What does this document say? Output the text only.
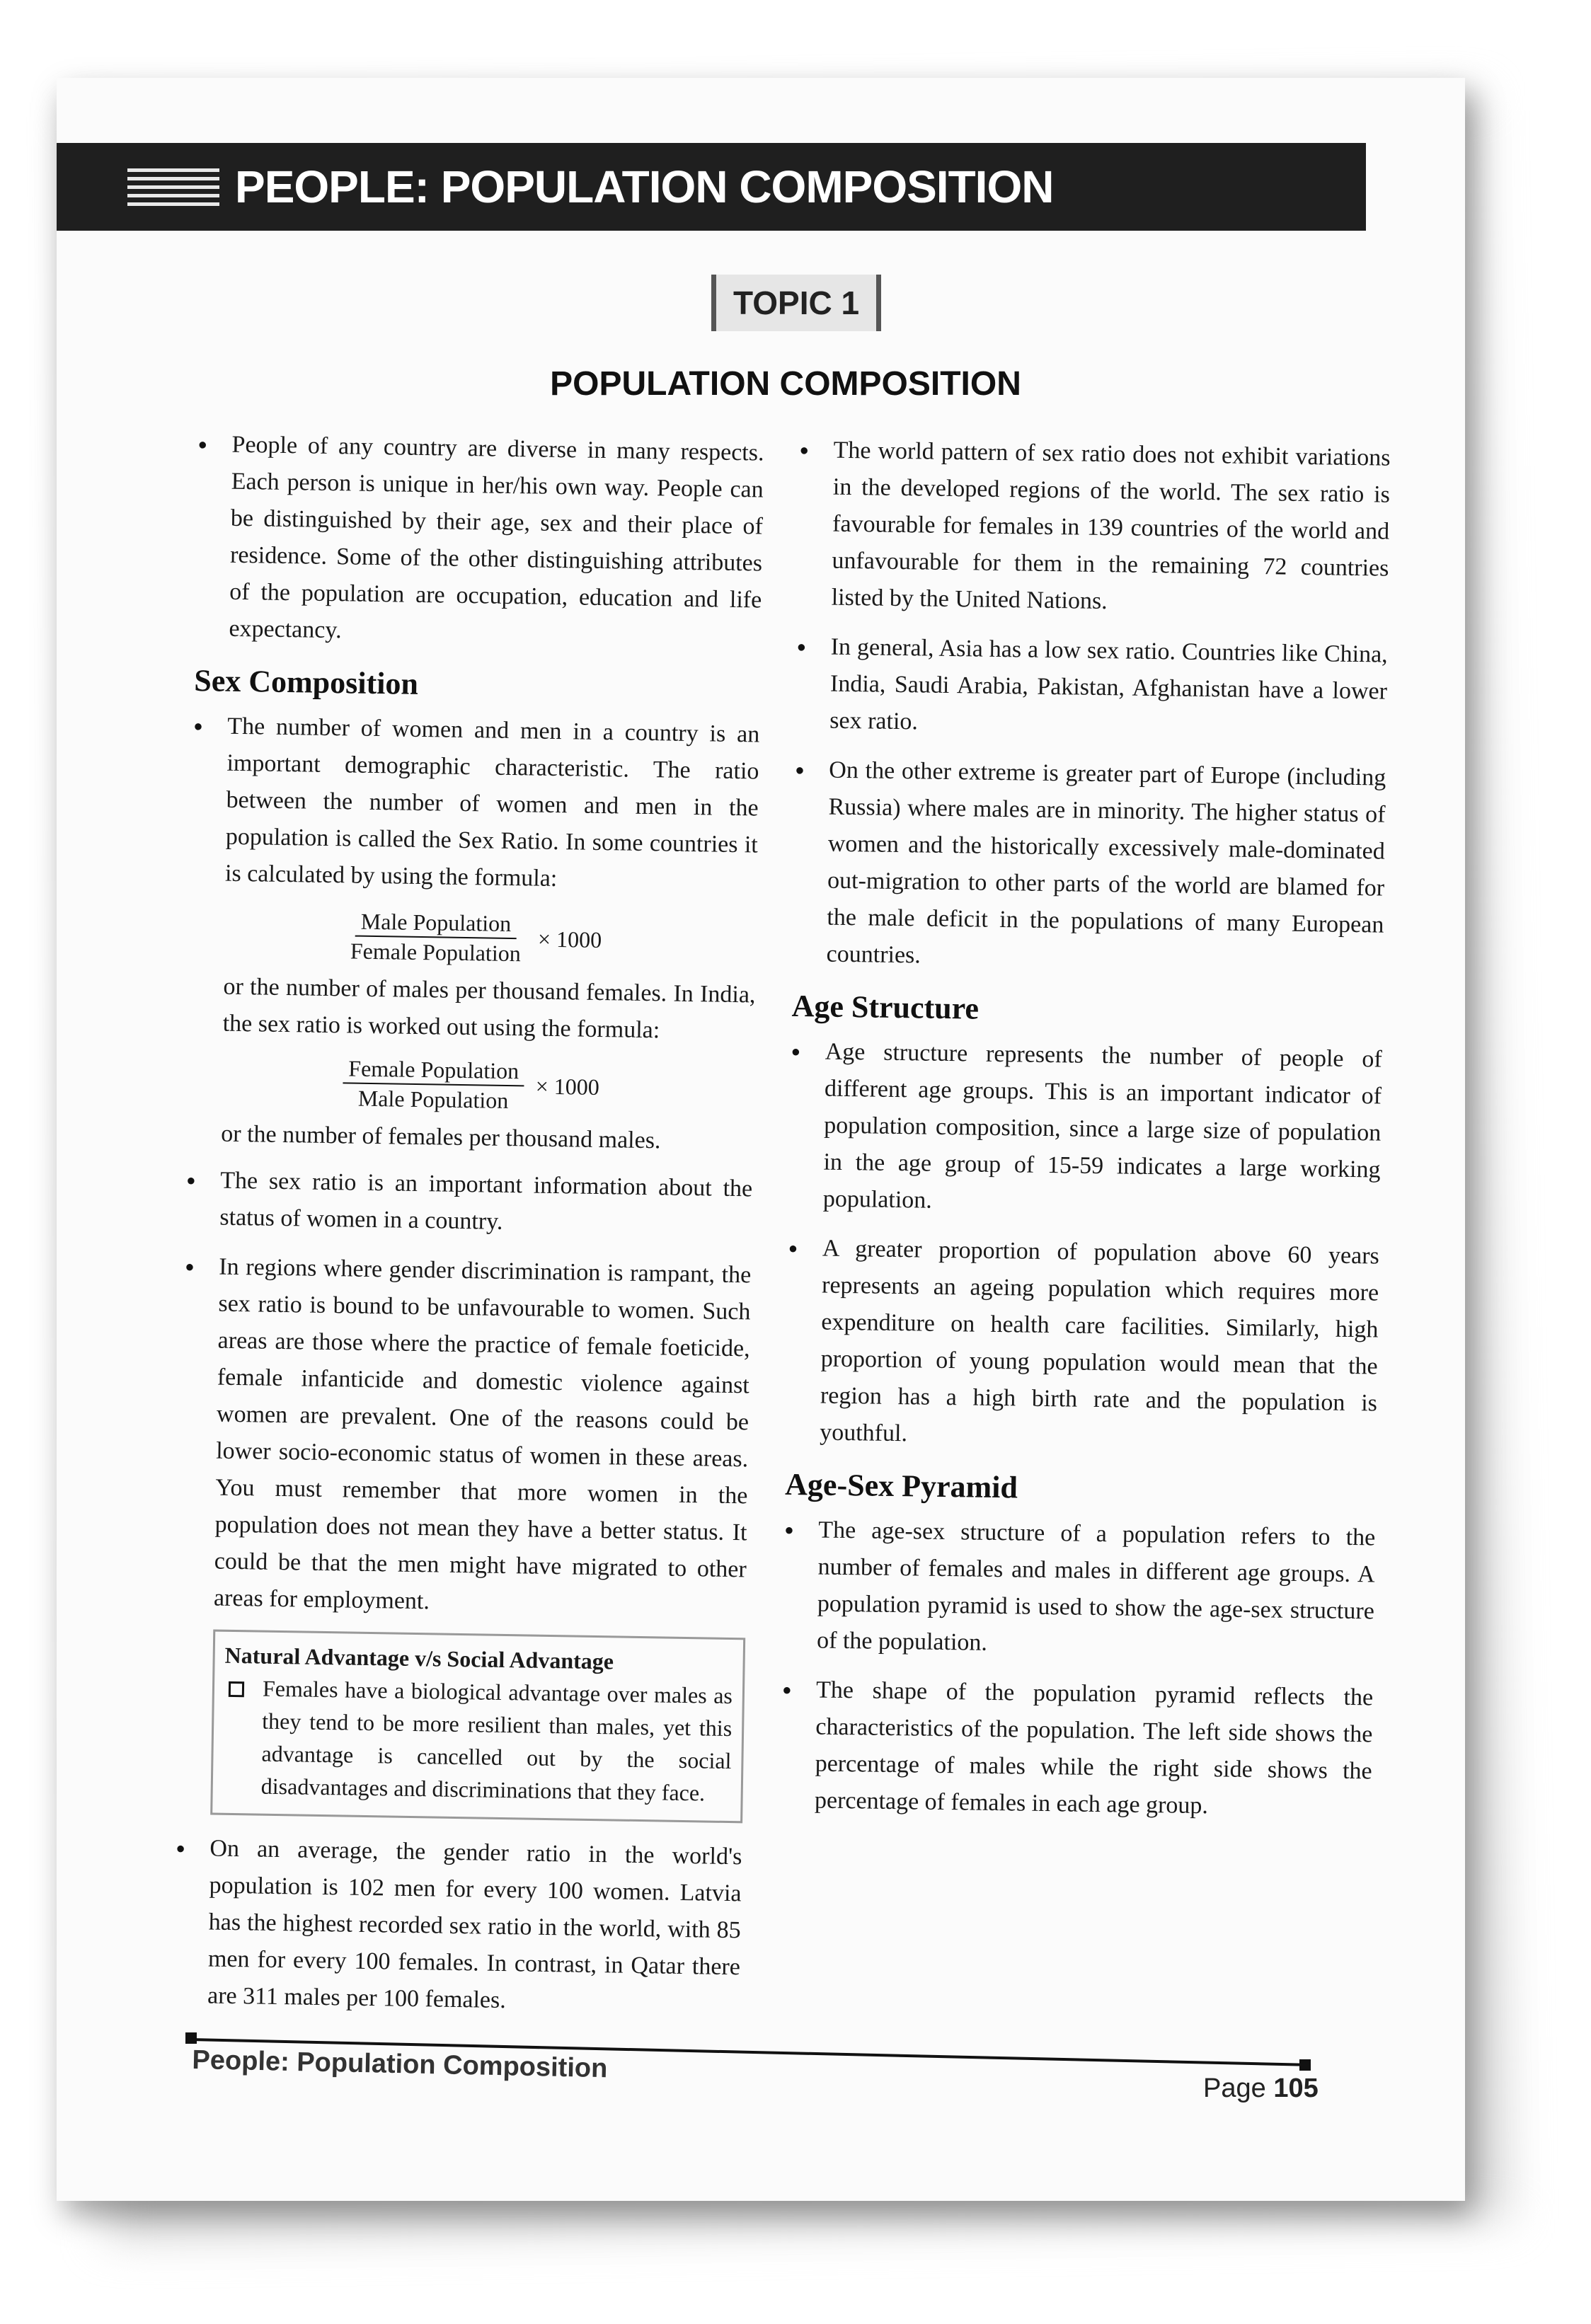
PEOPLE: POPULATION COMPOSITION
TOPIC 1
POPULATION COMPOSITION

● People of any country are diverse in many respects. Each person is unique in her/his own way. People can be distinguished by their age, sex and their place of residence. Some of the other distinguishing attributes of the population are occupation, education and life expectancy.

Sex Composition

● The number of women and men in a country is an important demographic characteristic. The ratio between the number of women and men in the population is called the Sex Ratio. In some countries it is calculated by using the formula:

$\frac{\text{Male Population}}{\text{Female Population}} \times 1000$

or the number of males per thousand females. In India, the sex ratio is worked out using the formula:

$\frac{\text{Female Population}}{\text{Male Population}} \times 1000$

or the number of females per thousand males.

● The sex ratio is an important information about the status of women in a country.

● In regions where gender discrimination is rampant, the sex ratio is bound to be unfavourable to women. Such areas are those where the practice of female foeticide, female infanticide and domestic violence against women are prevalent. One of the reasons could be lower socio-economic status of women in these areas. You must remember that more women in the population does not mean they have a better status. It could be that the men might have migrated to other areas for employment.

Natural Advantage v/s Social Advantage
Females have a biological advantage over males as they tend to be more resilient than males, yet this advantage is cancelled out by the social disadvantages and discriminations that they face.

● On an average, the gender ratio in the world's population is 102 men for every 100 women. Latvia has the highest recorded sex ratio in the world, with 85 men for every 100 females. In contrast, in Qatar there are 311 males per 100 females.

● The world pattern of sex ratio does not exhibit variations in the developed regions of the world. The sex ratio is favourable for females in 139 countries of the world and unfavourable for them in the remaining 72 countries listed by the United Nations.

● In general, Asia has a low sex ratio. Countries like China, India, Saudi Arabia, Pakistan, Afghanistan have a lower sex ratio.

● On the other extreme is greater part of Europe (including Russia) where males are in minority. The higher status of women and the historically excessively male-dominated out-migration to other parts of the world are blamed for the male deficit in the populations of many European countries.

Age Structure

● Age structure represents the number of people of different age groups. This is an important indicator of population composition, since a large size of population in the age group of 15-59 indicates a large working population.

● A greater proportion of population above 60 years represents an ageing population which requires more expenditure on health care facilities. Similarly, high proportion of young population would mean that the region has a high birth rate and the population is youthful.

Age-Sex Pyramid

● The age-sex structure of a population refers to the number of females and males in different age groups. A population pyramid is used to show the age-sex structure of the population.

● The shape of the population pyramid reflects the characteristics of the population. The left side shows the percentage of males while the right side shows the percentage of females in each age group.

People: Population Composition
Page 105
